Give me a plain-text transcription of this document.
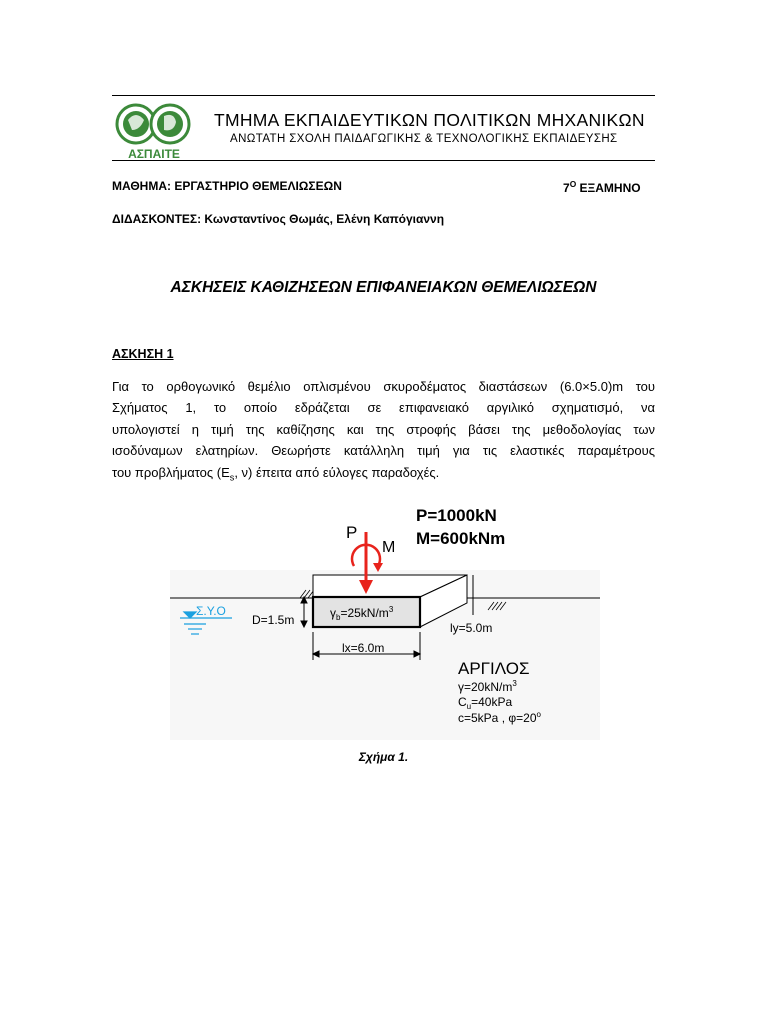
ΑΣΠΑΙΤΕ
ΤΜΗΜΑ ΕΚΠΑΙΔΕΥΤΙΚΩΝ ΠΟΛΙΤΙΚΩΝ ΜΗΧΑΝΙΚΩΝ
ΑΝΩΤΑΤΗ ΣΧΟΛΗ ΠΑΙΔΑΓΩΓΙΚΗΣ & ΤΕΧΝΟΛΟΓΙΚΗΣ ΕΚΠΑΙΔΕΥΣΗΣ
ΜΑΘΗΜΑ: ΕΡΓΑΣΤΗΡΙΟ ΘΕΜΕΛΙΩΣΕΩΝ	$7^O$ ΕΞΑΜΗΝΟ
ΔΙΔΑΣΚΟΝΤΕΣ: Κωνσταντίνος Θωμάς, Ελένη Καπόγιαννη
ΑΣΚΗΣΕΙΣ ΚΑΘΙΖΗΣΕΩΝ ΕΠΙΦΑΝΕΙΑΚΩΝ ΘΕΜΕΛΙΩΣΕΩΝ
ΑΣΚΗΣΗ 1
Για το ορθογωνικό θεμέλιο οπλισμένου σκυροδέματος διαστάσεων (6.0×5.0)m του
Σχήματος 1, το οποίο εδράζεται σε επιφανειακό αργιλικό σχηματισμό, να
υπολογιστεί η τιμή της καθίζησης και της στροφής βάσει της μεθοδολογίας των
ισοδύναμων ελατηρίων. Θεωρήστε κατάλληλη τιμή για τις ελαστικές παραμέτρους
του προβλήματος ($E_s$, ν) έπειτα από εύλογες παραδοχές.
P
M
P=1000kN
M=600kNm
Σ.Υ.Ο
D=1.5m	$\gamma_b=25kN/m^3$
ly=5.0m
lx=6.0m
ΑΡΓΙΛΟΣ
$\gamma=20kN/m^3$
$C_u=40kPa$
c=5kPa , $\varphi=20^o$
Σχήμα 1.
